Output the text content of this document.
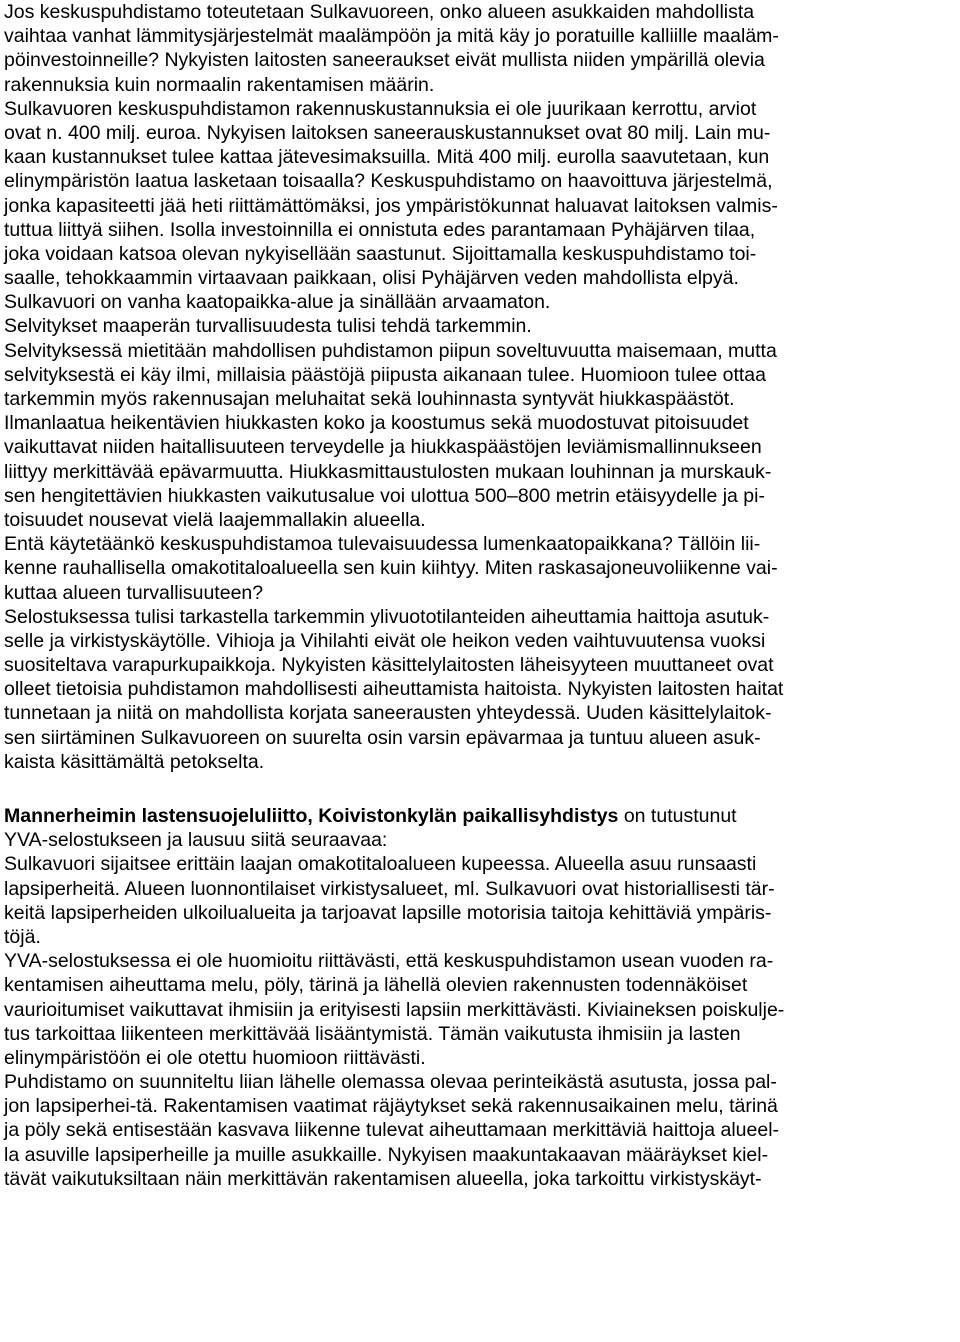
Jos keskuspuhdistamo toteutetaan Sulkavuoreen, onko alueen asukkaiden mahdollista
vaihtaa vanhat lämmitysjärjestelmät maalämpöön ja mitä käy jo poratuille kalliille maaläm-
pöinvestoinneille? Nykyisten laitosten saneeraukset eivät mullista niiden ympärillä olevia
rakennuksia kuin normaalin rakentamisen määrin.
Sulkavuoren keskuspuhdistamon rakennuskustannuksia ei ole juurikaan kerrottu, arviot
ovat n. 400 milj. euroa. Nykyisen laitoksen saneerauskustannukset ovat 80 milj. Lain mu-
kaan kustannukset tulee kattaa jätevesimaksuilla. Mitä 400 milj. eurolla saavutetaan, kun
elinympäristön laatua lasketaan toisaalla? Keskuspuhdistamo on haavoittuva järjestelmä,
jonka kapasiteetti jää heti riittämättömäksi, jos ympäristökunnat haluavat laitoksen valmis-
tuttua liittyä siihen. Isolla investoinnilla ei onnistuta edes parantamaan Pyhäjärven tilaa,
joka voidaan katsoa olevan nykyisellään saastunut. Sijoittamalla keskuspuhdistamo toi-
saalle, tehokkaammin virtaavaan paikkaan, olisi Pyhäjärven veden mahdollista elpyä.
Sulkavuori on vanha kaatopaikka-alue ja sinällään arvaamaton.
Selvitykset maaperän turvallisuudesta tulisi tehdä tarkemmin.
Selvityksessä mietitään mahdollisen puhdistamon piipun soveltuvuutta maisemaan, mutta
selvityksestä ei käy ilmi, millaisia päästöjä piipusta aikanaan tulee. Huomioon tulee ottaa
tarkemmin myös rakennusajan meluhaitat sekä louhinnasta syntyvät hiukkaspäästöt.
Ilmanlaatua heikentävien hiukkasten koko ja koostumus sekä muodostuvat pitoisuudet
vaikuttavat niiden haitallisuuteen terveydelle ja hiukkaspäästöjen leviämismallinnukseen
liittyy merkittävää epävarmuutta. Hiukkasmittaustulosten mukaan louhinnan ja murskauk-
sen hengitettävien hiukkasten vaikutusalue voi ulottua 500–800 metrin etäisyydelle ja pi-
toisuudet nousevat vielä laajemmallakin alueella.
Entä käytetäänkö keskuspuhdistamoa tulevaisuudessa lumenkaatopaikkana? Tällöin lii-
kenne rauhallisella omakotitaloalueella sen kuin kiihtyy. Miten raskasajoneuvoliikenne vai-
kuttaa alueen turvallisuuteen?
Selostuksessa tulisi tarkastella tarkemmin ylivuototilanteiden aiheuttamia haittoja asutuk-
selle ja virkistyskäytölle. Vihioja ja Vihilahti eivät ole heikon veden vaihtuvuutensa vuoksi
suositeltava varapurkupaikkoja. Nykyisten käsittelylaitosten läheisyyteen muuttaneet ovat
olleet tietoisia puhdistamon mahdollisesti aiheuttamista haitoista. Nykyisten laitosten haitat
tunnetaan ja niitä on mahdollista korjata saneerausten yhteydessä. Uuden käsittelylaitok-
sen siirtäminen Sulkavuoreen on suurelta osin varsin epävarmaa ja tuntuu alueen asuk-
kaista käsittämältä petokselta.
Mannerheimin lastensuojeluliitto, Koivistonkylän paikallisyhdistys on tutustunut
YVA-selostukseen ja lausuu siitä seuraavaa:
Sulkavuori sijaitsee erittäin laajan omakotitaloalueen kupeessa. Alueella asuu runsaasti
lapsiperheitä. Alueen luonnontilaiset virkistysalueet, ml. Sulkavuori ovat historiallisesti tär-
keitä lapsiperheiden ulkoilualueita ja tarjoavat lapsille motorisia taitoja kehittäviä ympäris-
töjä.
YVA-selostuksessa ei ole huomioitu riittävästi, että keskuspuhdistamon usean vuoden ra-
kentamisen aiheuttama melu, pöly, tärinä ja lähellä olevien rakennusten todennäköiset
vaurioitumiset vaikuttavat ihmisiin ja erityisesti lapsiin merkittävästi. Kiviaineksen poiskulje-
tus tarkoittaa liikenteen merkittävää lisääntymistä. Tämän vaikutusta ihmisiin ja lasten
elinympäristöön ei ole otettu huomioon riittävästi.
Puhdistamo on suunniteltu liian lähelle olemassa olevaa perinteikästä asutusta, jossa pal-
jon lapsiperhei-tä. Rakentamisen vaatimat räjäytykset sekä rakennusaikainen melu, tärinä
ja pöly sekä entisestään kasvava liikenne tulevat aiheuttamaan merkittäviä haittoja alueel-
la asuville lapsiperheille ja muille asukkaille. Nykyisen maakuntakaavan määräykset kiel-
tävät vaikutuksiltaan näin merkittävän rakentamisen alueella, joka tarkoittu virkistyskäyt-
